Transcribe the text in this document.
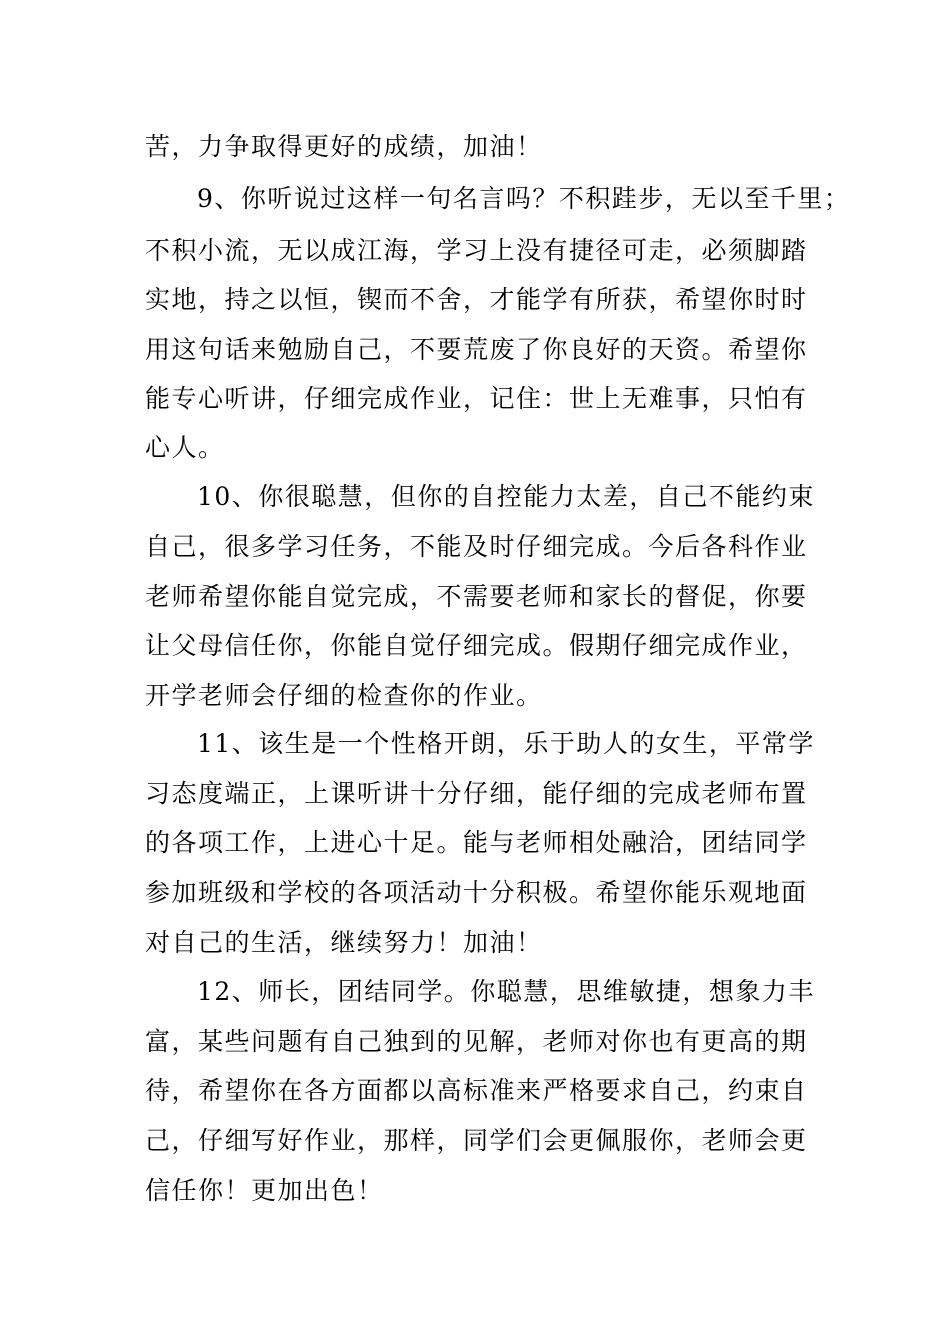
苦，力争取得更好的成绩，加油！
9、你听说过这样一句名言吗？不积跬步，无以至千里；
不积小流，无以成江海，学习上没有捷径可走，必须脚踏
实地，持之以恒，锲而不舍，才能学有所获，希望你时时
用这句话来勉励自己，不要荒废了你良好的天资。希望你
能专心听讲，仔细完成作业，记住：世上无难事，只怕有
心人。
10、你很聪慧，但你的自控能力太差，自己不能约束
自己，很多学习任务，不能及时仔细完成。今后各科作业
老师希望你能自觉完成，不需要老师和家长的督促，你要
让父母信任你，你能自觉仔细完成。假期仔细完成作业，
开学老师会仔细的检查你的作业。
11、该生是一个性格开朗，乐于助人的女生，平常学
习态度端正，上课听讲十分仔细，能仔细的完成老师布置
的各项工作，上进心十足。能与老师相处融洽，团结同学
参加班级和学校的各项活动十分积极。希望你能乐观地面
对自己的生活，继续努力！加油！
12、师长，团结同学。你聪慧，思维敏捷，想象力丰
富，某些问题有自己独到的见解，老师对你也有更高的期
待，希望你在各方面都以高标准来严格要求自己，约束自
己，仔细写好作业，那样，同学们会更佩服你，老师会更
信任你！更加出色！
